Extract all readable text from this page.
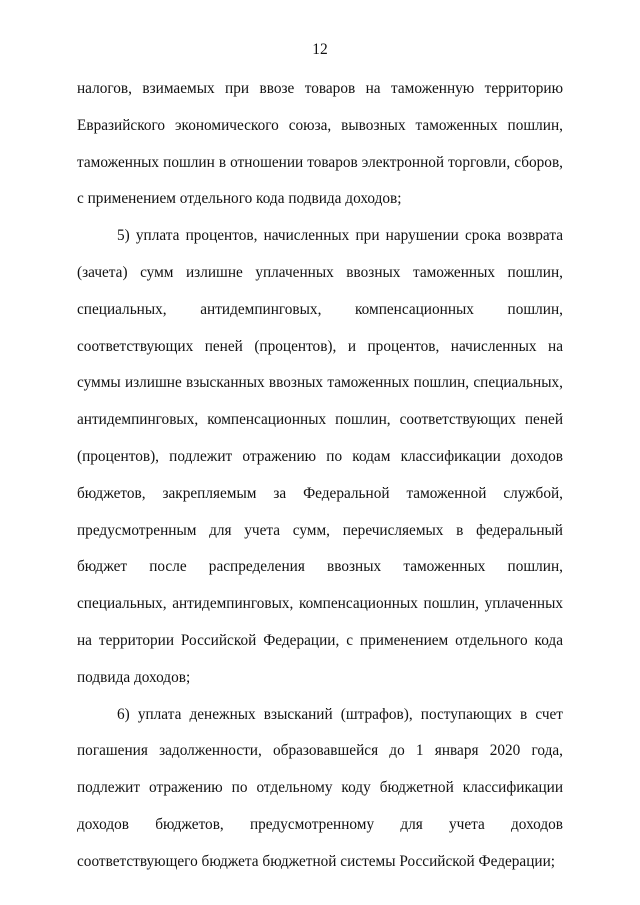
12

налогов, взимаемых при ввозе товаров на таможенную территорию Евразийского экономического союза, вывозных таможенных пошлин, таможенных пошлин в отношении товаров электронной торговли, сборов, с применением отдельного кода подвида доходов;

5) уплата процентов, начисленных при нарушении срока возврата (зачета) сумм излишне уплаченных ввозных таможенных пошлин, специальных, антидемпинговых, компенсационных пошлин, соответствующих пеней (процентов), и процентов, начисленных на суммы излишне взысканных ввозных таможенных пошлин, специальных, антидемпинговых, компенсационных пошлин, соответствующих пеней (процентов), подлежит отражению по кодам классификации доходов бюджетов, закрепляемым за Федеральной таможенной службой, предусмотренным для учета сумм, перечисляемых в федеральный бюджет после распределения ввозных таможенных пошлин, специальных, антидемпинговых, компенсационных пошлин, уплаченных на территории Российской Федерации, с применением отдельного кода подвида доходов;

6) уплата денежных взысканий (штрафов), поступающих в счет погашения задолженности, образовавшейся до 1 января 2020 года, подлежит отражению по отдельному коду бюджетной классификации доходов бюджетов, предусмотренному для учета доходов соответствующего бюджета бюджетной системы Российской Федерации;
